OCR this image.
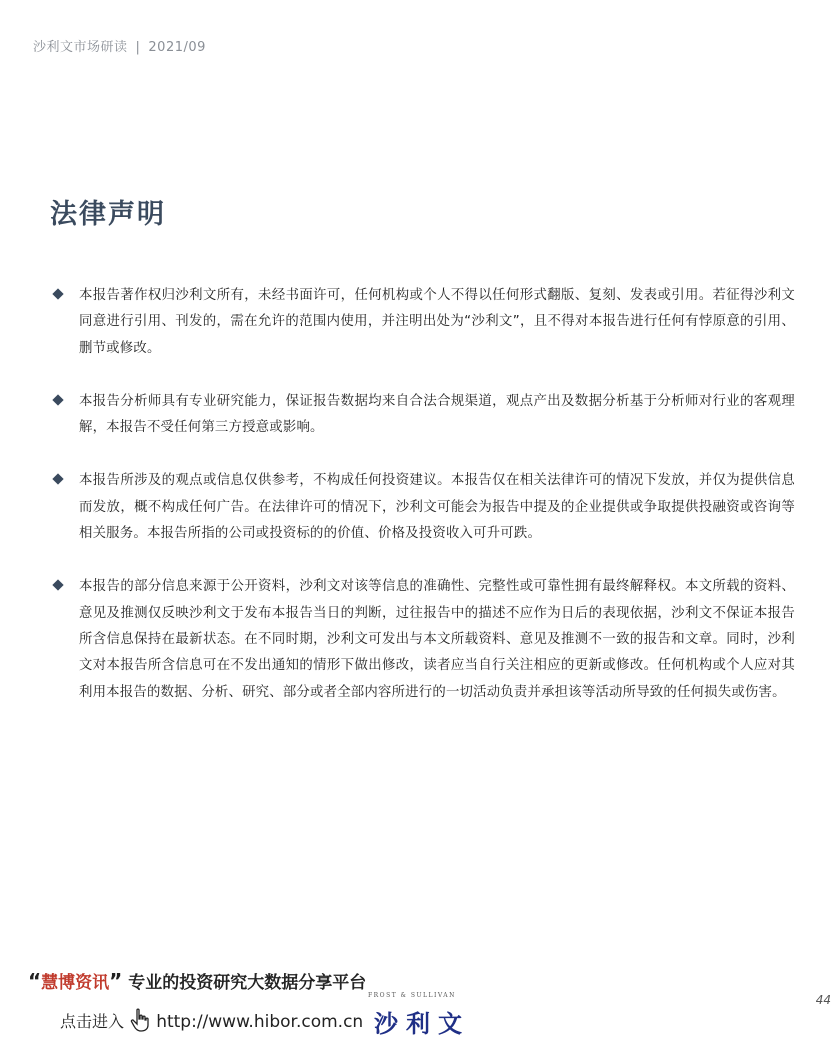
沙利文市场研读 | 2021/09
法律声明
本报告著作权归沙利文所有，未经书面许可，任何机构或个人不得以任何形式翻版、复刻、发表或引用。若征得沙利文同意进行引用、刊发的，需在允许的范围内使用，并注明出处为“沙利文”，且不得对本报告进行任何有悖原意的引用、删节或修改。
本报告分析师具有专业研究能力，保证报告数据均来自合法合规渠道，观点产出及数据分析基于分析师对行业的客观理解，本报告不受任何第三方授意或影响。
本报告所涉及的观点或信息仅供参考，不构成任何投资建议。本报告仅在相关法律许可的情况下发放，并仅为提供信息而发放，概不构成任何广告。在法律许可的情况下，沙利文可能会为报告中提及的企业提供或争取提供投融资或咨询等相关服务。本报告所指的公司或投资标的的价值、价格及投资收入可升可跌。
本报告的部分信息来源于公开资料，沙利文对该等信息的准确性、完整性或可靠性拥有最终解释权。本文所载的资料、意见及推测仅反映沙利文于发布本报告当日的判断，过往报告中的描述不应作为日后的表现依据，沙利文不保证本报告所含信息保持在最新状态。在不同时期，沙利文可发出与本文所载资料、意见及推测不一致的报告和文章。同时，沙利文对本报告所含信息可在不发出通知的情形下做出修改，读者应当自行关注相应的更新或修改。任何机构或个人应对其利用本报告的数据、分析、研究、部分或者全部内容所进行的一切活动负责并承担该等活动所导致的任何损失或伤害。
“慧博资讯” 专业的投资研究大数据分享平台
点击进入 http://www.hibor.com.cn
FROST & SULLIVAN
沙利文
44
